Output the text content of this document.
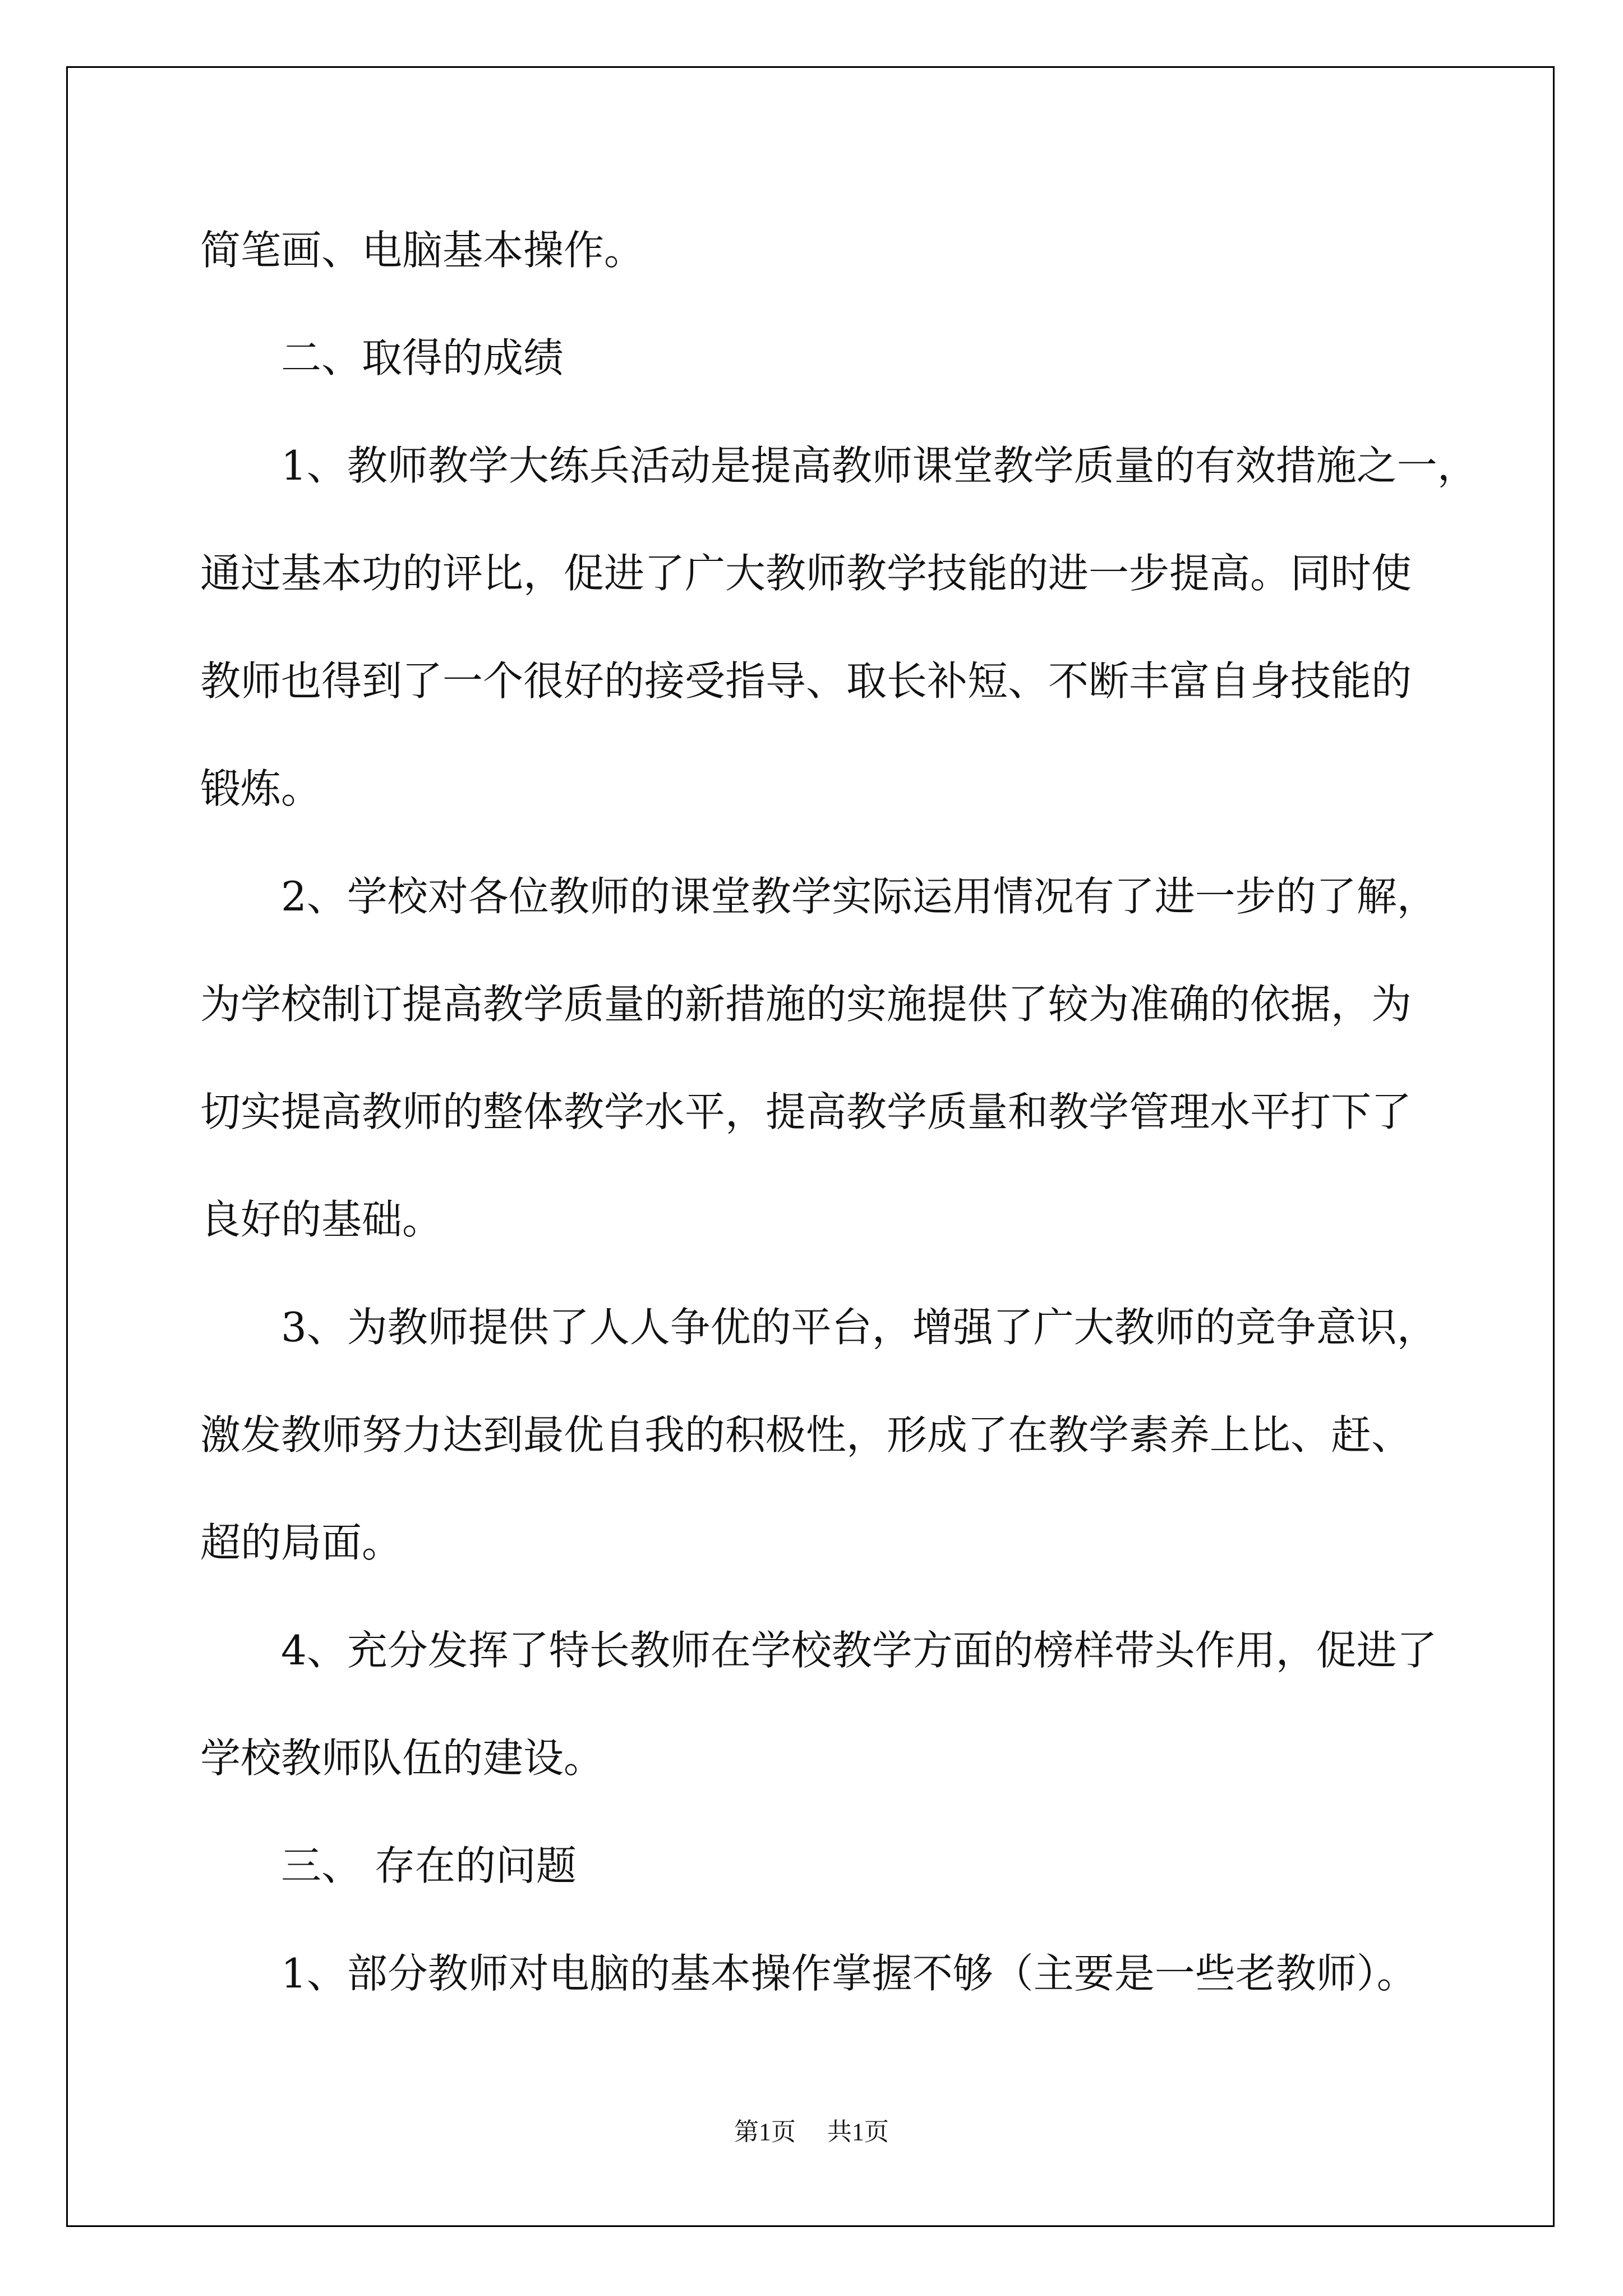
简笔画、电脑基本操作。
二、取得的成绩
1、教师教学大练兵活动是提高教师课堂教学质量的有效措施之一，
通过基本功的评比，促进了广大教师教学技能的进一步提高。同时使
教师也得到了一个很好的接受指导、取长补短、不断丰富自身技能的
锻炼。
2、学校对各位教师的课堂教学实际运用情况有了进一步的了解，
为学校制订提高教学质量的新措施的实施提供了较为准确的依据，为
切实提高教师的整体教学水平，提高教学质量和教学管理水平打下了
良好的基础。
3、为教师提供了人人争优的平台，增强了广大教师的竞争意识，
激发教师努力达到最优自我的积极性，形成了在教学素养上比、赶、
超的局面。
4、充分发挥了特长教师在学校教学方面的榜样带头作用，促进了
学校教师队伍的建设。
三、 存在的问题
1、部分教师对电脑的基本操作掌握不够（主要是一些老教师）。
第1页 共1页
